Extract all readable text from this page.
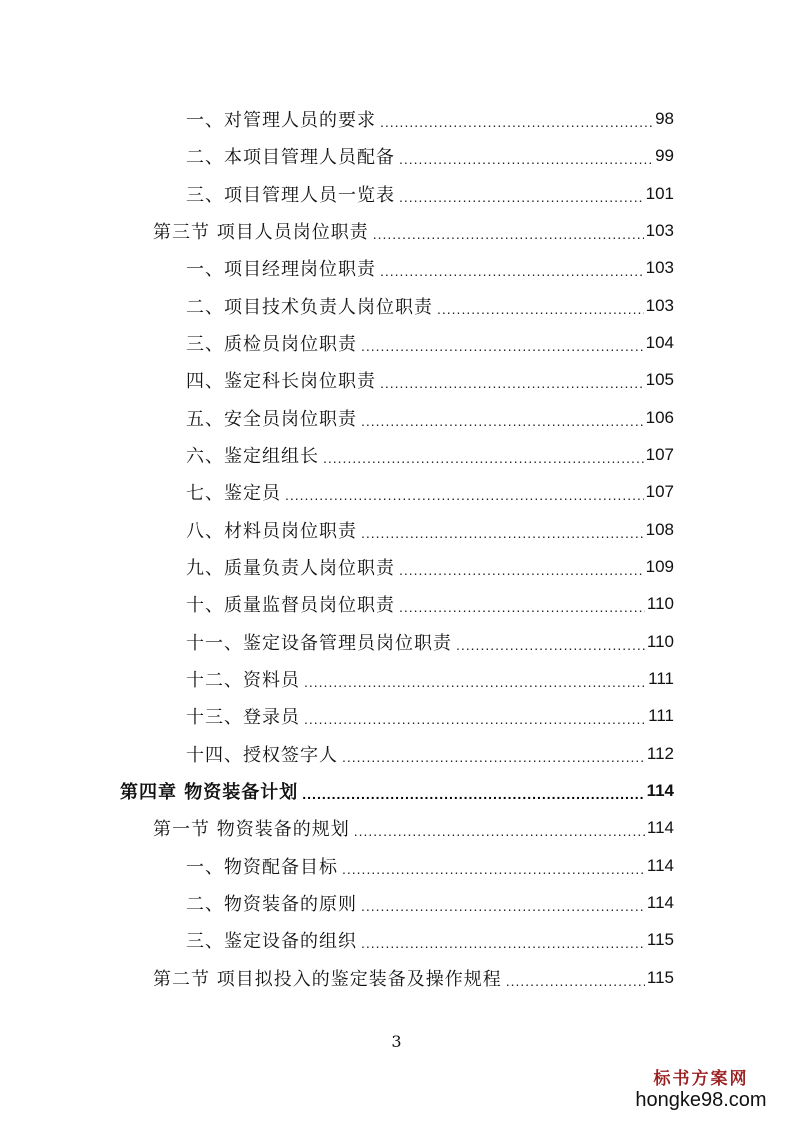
一、对管理人员的要求 .....	98
二、本项目管理人员配备 .....	99
三、项目管理人员一览表 .....	101
第三节 项目人员岗位职责 .....	103
一、项目经理岗位职责 .....	103
二、项目技术负责人岗位职责 .....	103
三、质检员岗位职责 .....	104
四、鉴定科长岗位职责 .....	105
五、安全员岗位职责 .....	106
六、鉴定组组长 .....	107
七、鉴定员 .....	107
八、材料员岗位职责 .....	108
九、质量负责人岗位职责 .....	109
十、质量监督员岗位职责 .....	110
十一、鉴定设备管理员岗位职责 .....	110
十二、资料员 .....	111
十三、登录员 .....	111
十四、授权签字人 .....	112
第四章 物资装备计划 .....	114
第一节 物资装备的规划 .....	114
一、物资配备目标 .....	114
二、物资装备的原则 .....	114
三、鉴定设备的组织 .....	115
第二节 项目拟投入的鉴定装备及操作规程 .....	115
3
标书方案网
hongke98.com
